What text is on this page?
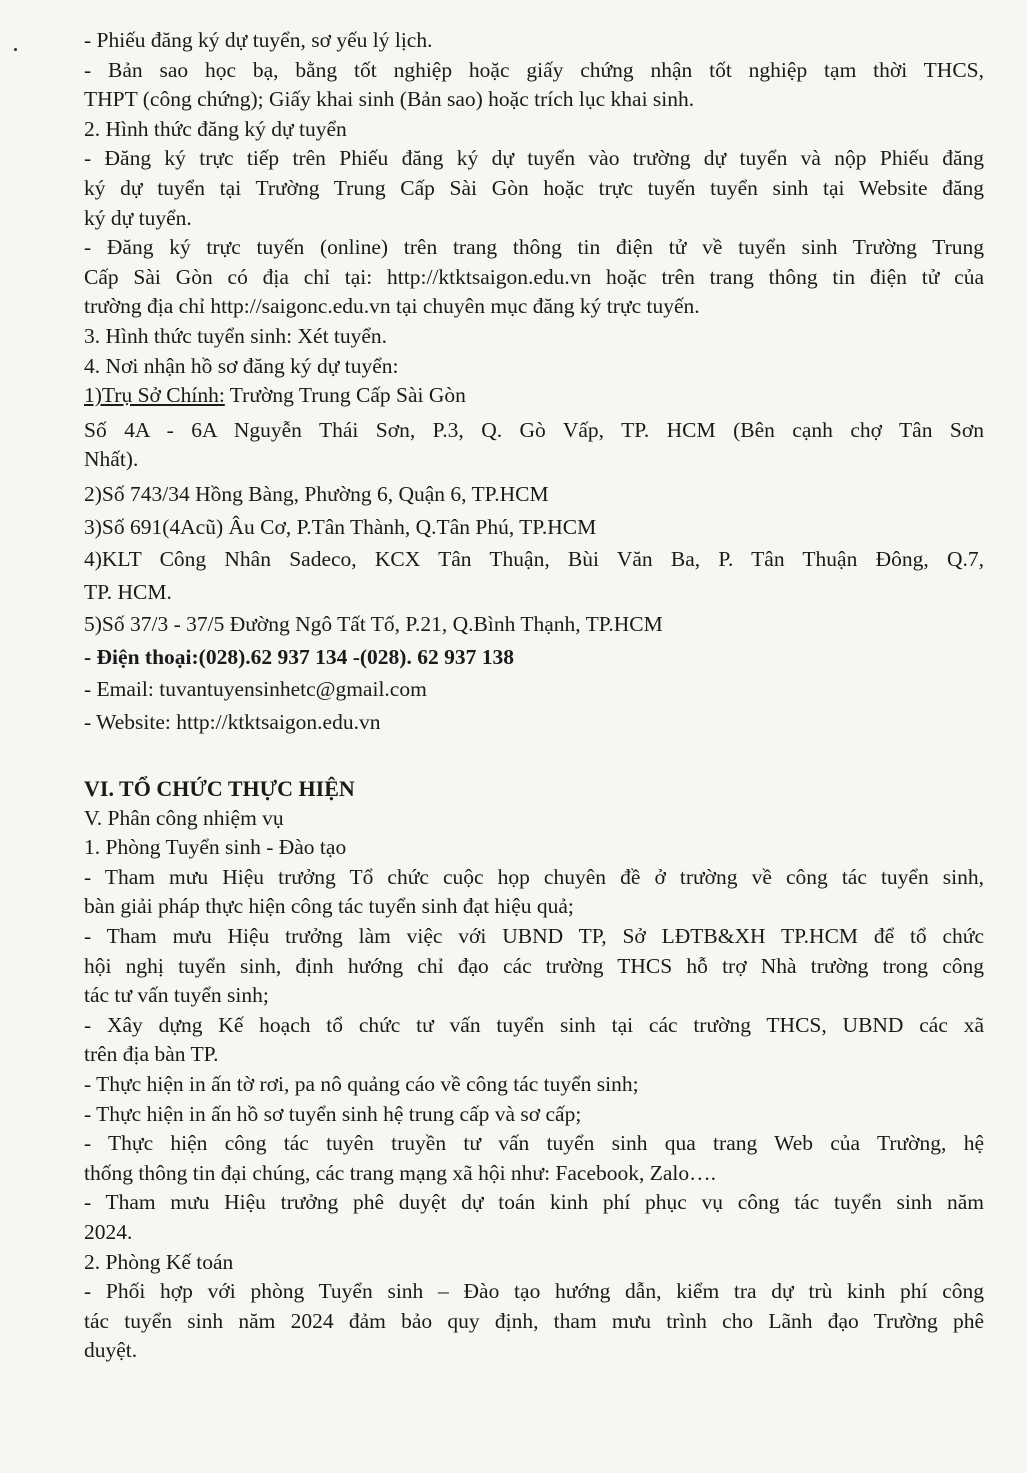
- Phiếu đăng ký dự tuyển, sơ yếu lý lịch.
- Bản sao học bạ, bằng tốt nghiệp hoặc giấy chứng nhận tốt nghiệp tạm thời THCS,
THPT (công chứng); Giấy khai sinh (Bản sao) hoặc trích lục khai sinh.
2. Hình thức đăng ký dự tuyển
- Đăng ký trực tiếp trên Phiếu đăng ký dự tuyển vào trường dự tuyển và nộp Phiếu đăng
ký dự tuyển tại Trường Trung Cấp Sài Gòn hoặc trực tuyến tuyển sinh tại Website đăng
ký dự tuyển.
- Đăng ký trực tuyến (online) trên trang thông tin điện tử về tuyển sinh Trường Trung
Cấp Sài Gòn có địa chỉ tại: http://ktktsaigon.edu.vn hoặc trên trang thông tin điện tử của
trường địa chỉ http://saigonc.edu.vn tại chuyên mục đăng ký trực tuyến.
3. Hình thức tuyển sinh: Xét tuyển.
4. Nơi nhận hồ sơ đăng ký dự tuyển:
1)Trụ Sở Chính: Trường Trung Cấp Sài Gòn
Số 4A - 6A Nguyễn Thái Sơn, P.3, Q. Gò Vấp, TP. HCM (Bên cạnh chợ Tân Sơn
Nhất).
2)Số 743/34 Hồng Bàng, Phường 6, Quận 6, TP.HCM
3)Số 691(4Acũ) Âu Cơ, P.Tân Thành, Q.Tân Phú, TP.HCM
4)KLT Công Nhân Sadeco, KCX Tân Thuận, Bùi Văn Ba, P. Tân Thuận Đông, Q.7,
TP. HCM.
5)Số 37/3 - 37/5 Đường Ngô Tất Tố, P.21, Q.Bình Thạnh, TP.HCM
- Điện thoại:(028).62 937 134 -(028). 62 937 138
- Email: tuvantuyensinhetc@gmail.com
- Website: http://ktktsaigon.edu.vn
VI. TỔ CHỨC THỰC HIỆN
V. Phân công nhiệm vụ
1. Phòng Tuyển sinh - Đào tạo
- Tham mưu Hiệu trưởng Tổ chức cuộc họp chuyên đề ở trường về công tác tuyển sinh,
bàn giải pháp thực hiện công tác tuyển sinh đạt hiệu quả;
- Tham mưu Hiệu trưởng làm việc với UBND TP, Sở LĐTB&XH TP.HCM để tổ chức
hội nghị tuyển sinh, định hướng chỉ đạo các trường THCS hỗ trợ Nhà trường trong công
tác tư vấn tuyển sinh;
- Xây dựng Kế hoạch tổ chức tư vấn tuyển sinh tại các trường THCS, UBND các xã
trên địa bàn TP.
- Thực hiện in ấn tờ rơi, pa nô quảng cáo về công tác tuyển sinh;
- Thực hiện in ấn hồ sơ tuyển sinh hệ trung cấp và sơ cấp;
- Thực hiện công tác tuyên truyền tư vấn tuyển sinh qua trang Web của Trường, hệ
thống thông tin đại chúng, các trang mạng xã hội như: Facebook, Zalo….
- Tham mưu Hiệu trưởng phê duyệt dự toán kinh phí phục vụ công tác tuyển sinh năm
2024.
2. Phòng Kế toán
- Phối hợp với phòng Tuyển sinh – Đào tạo hướng dẫn, kiểm tra dự trù kinh phí công
tác tuyển sinh năm 2024 đảm bảo quy định, tham mưu trình cho Lãnh đạo Trường phê
duyệt.
